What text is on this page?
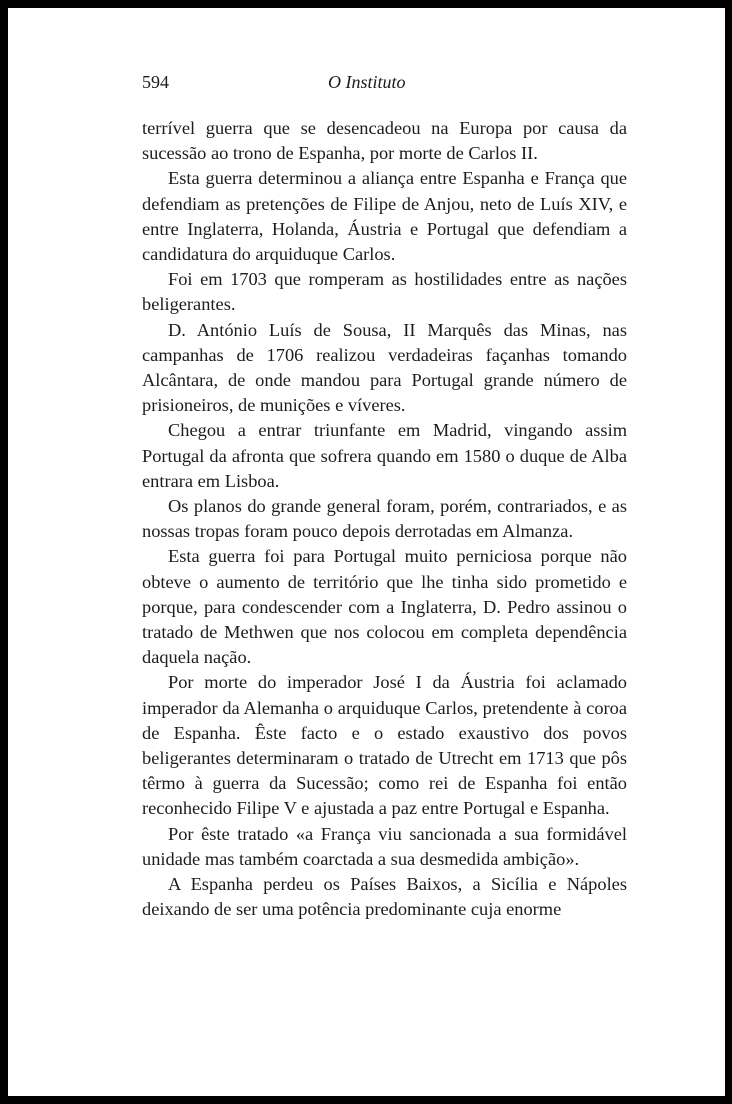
594	O Instituto

terrível guerra que se desencadeou na Europa por causa da sucessão ao trono de Espanha, por morte de Carlos II.

Esta guerra determinou a aliança entre Espanha e França que defendiam as pretenções de Filipe de Anjou, neto de Luís XIV, e entre Inglaterra, Holanda, Áustria e Portugal que defendiam a candidatura do arquiduque Carlos.

Foi em 1703 que romperam as hostilidades entre as nações beligerantes.

D. António Luís de Sousa, II Marquês das Minas, nas campanhas de 1706 realizou verdadeiras façanhas tomando Alcântara, de onde mandou para Portugal grande número de prisioneiros, de munições e víveres.

Chegou a entrar triunfante em Madrid, vingando assim Portugal da afronta que sofrera quando em 1580 o duque de Alba entrara em Lisboa.

Os planos do grande general foram, porém, contrariados, e as nossas tropas foram pouco depois derrotadas em Almanza.

Esta guerra foi para Portugal muito perniciosa porque não obteve o aumento de território que lhe tinha sido prometido e porque, para condescender com a Inglaterra, D. Pedro assinou o tratado de Methwen que nos colocou em completa dependência daquela nação.

Por morte do imperador José I da Áustria foi aclamado imperador da Alemanha o arquiduque Carlos, pretendente à coroa de Espanha. Êste facto e o estado exaustivo dos povos beligerantes determinaram o tratado de Utrecht em 1713 que pôs têrmo à guerra da Sucessão; como rei de Espanha foi então reconhecido Filipe V e ajustada a paz entre Portugal e Espanha.

Por êste tratado «a França viu sancionada a sua formidável unidade mas também coarctada a sua desmedida ambição».

A Espanha perdeu os Países Baixos, a Sicília e Nápoles deixando de ser uma potência predominante cuja enorme
